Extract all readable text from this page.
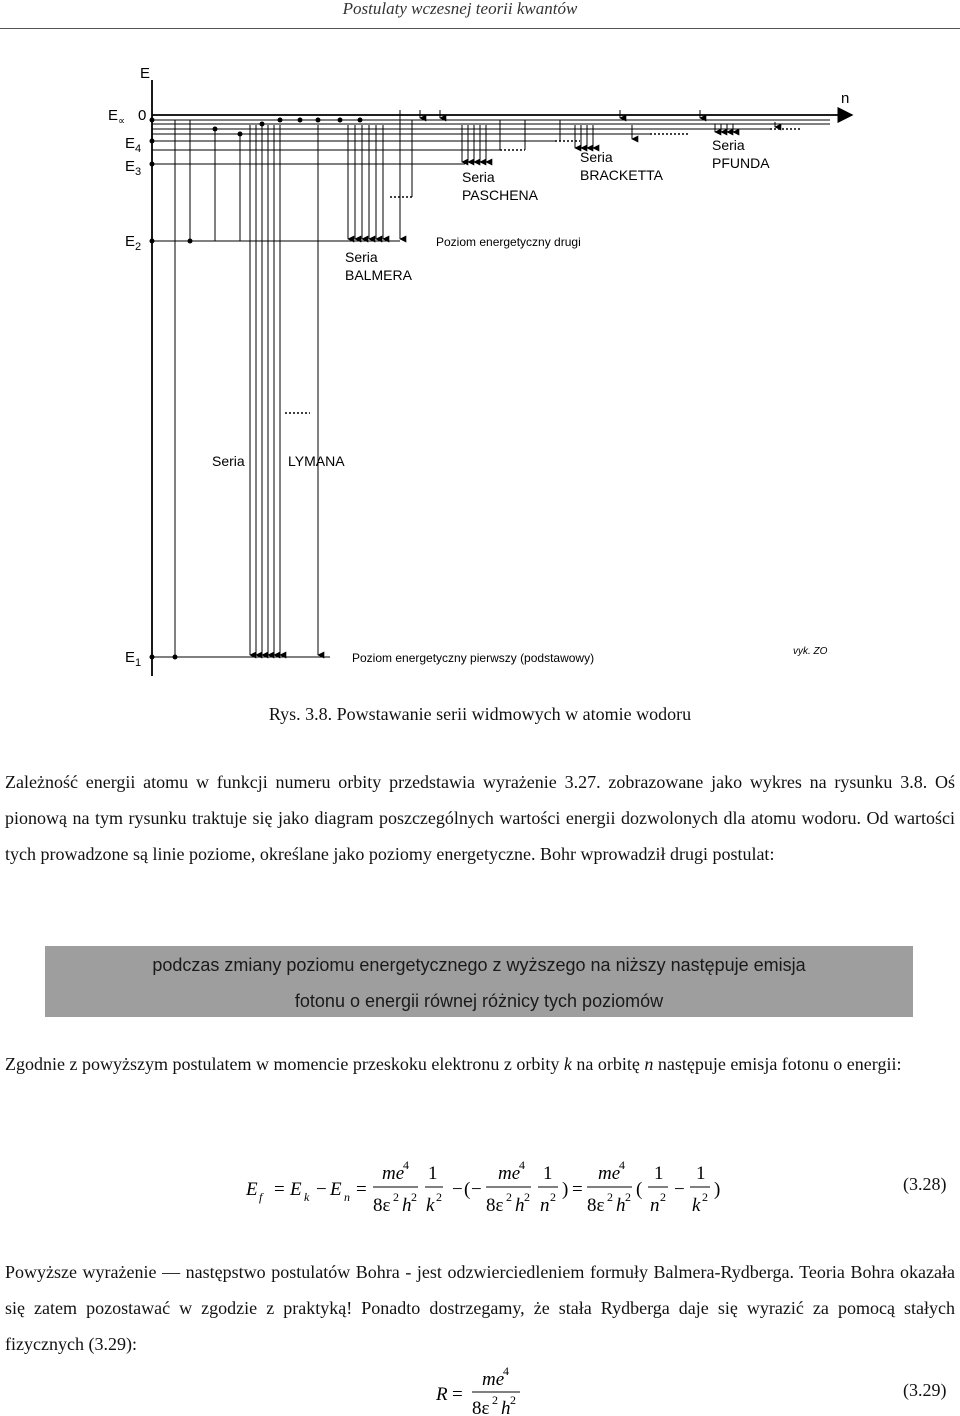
Postulaty wczesnej teorii kwantów
E
n
0
$E_\propto$
$E_4$
$E_3$
$E_2$
$E_1$
Seria PASCHENA
Seria BRACKETTA
Seria PFUNDA
Seria BALMERA
Seria	LYMANA
Poziom energetyczny drugi
Poziom energetyczny pierwszy (podstawowy)	vyk. ZO
Rys. 3.8. Powstawanie serii widmowych w atomie wodoru
Zależność energii atomu w funkcji numeru orbity przedstawia wyrażenie 3.27. zobrazowane jako wykres na rysunku 3.8. Oś pionową na tym rysunku traktuje się jako diagram poszczególnych wartości energii dozwolonych dla atomu wodoru. Od wartości tych prowadzone są linie poziome, określane jako poziomy energetyczne. Bohr wprowadził drugi postulat:
podczas zmiany poziomu energetycznego z wyższego na niższy następuje emisja
fotonu o energii równej różnicy tych poziomów
Zgodnie z powyższym postulatem w momencie przeskoku elektronu z orbity k na orbitę n następuje emisja fotonu o energii:
E f = E k − E n =
me
4
8ε 2 h 2
1
k 2 − ( −
me
4
8ε 2 h 2
1
n 2 ) =
me
4
8ε 2 h 2 (
1
n 2 −
1
k 2 )	(3.28)
Powyższe wyrażenie — następstwo postulatów Bohra - jest odzwierciedleniem formuły Balmera-Rydberga. Teoria Bohra okazała się zatem pozostawać w zgodzie z praktyką! Ponadto dostrzegamy, że stała Rydberga daje się wyrazić za pomocą stałych fizycznych (3.29):
R =
me
4
8ε 2 h 2	(3.29)
